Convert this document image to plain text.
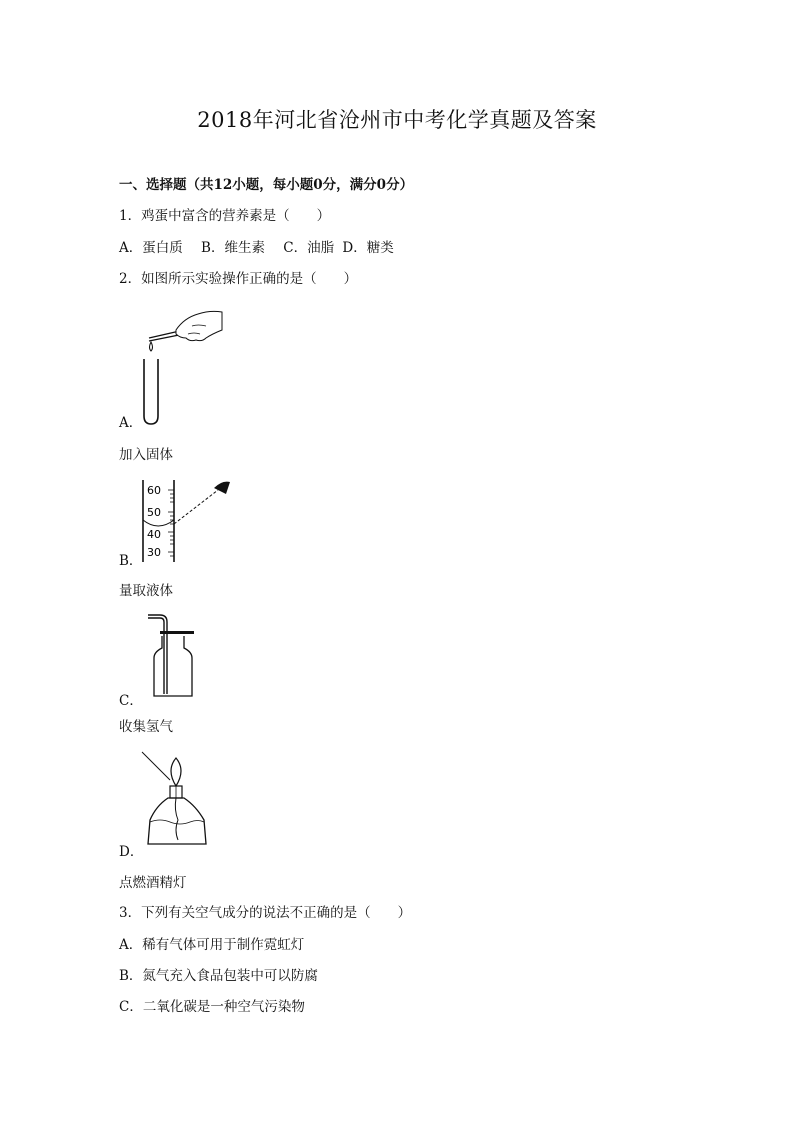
2018年河北省沧州市中考化学真题及答案
一、选择题（共12小题，每小题0分，满分0分）
1．鸡蛋中富含的营养素是（　　）
A．蛋白质 B．维生素 C．油脂 D．糖类
2．如图所示实验操作正确的是（　　）
A．
加入固体
60
50
40
30
B．
量取液体
C．
收集氢气
D．
点燃酒精灯
3．下列有关空气成分的说法不正确的是（　　）
A．稀有气体可用于制作霓虹灯
B．氮气充入食品包装中可以防腐
C．二氧化碳是一种空气污染物
